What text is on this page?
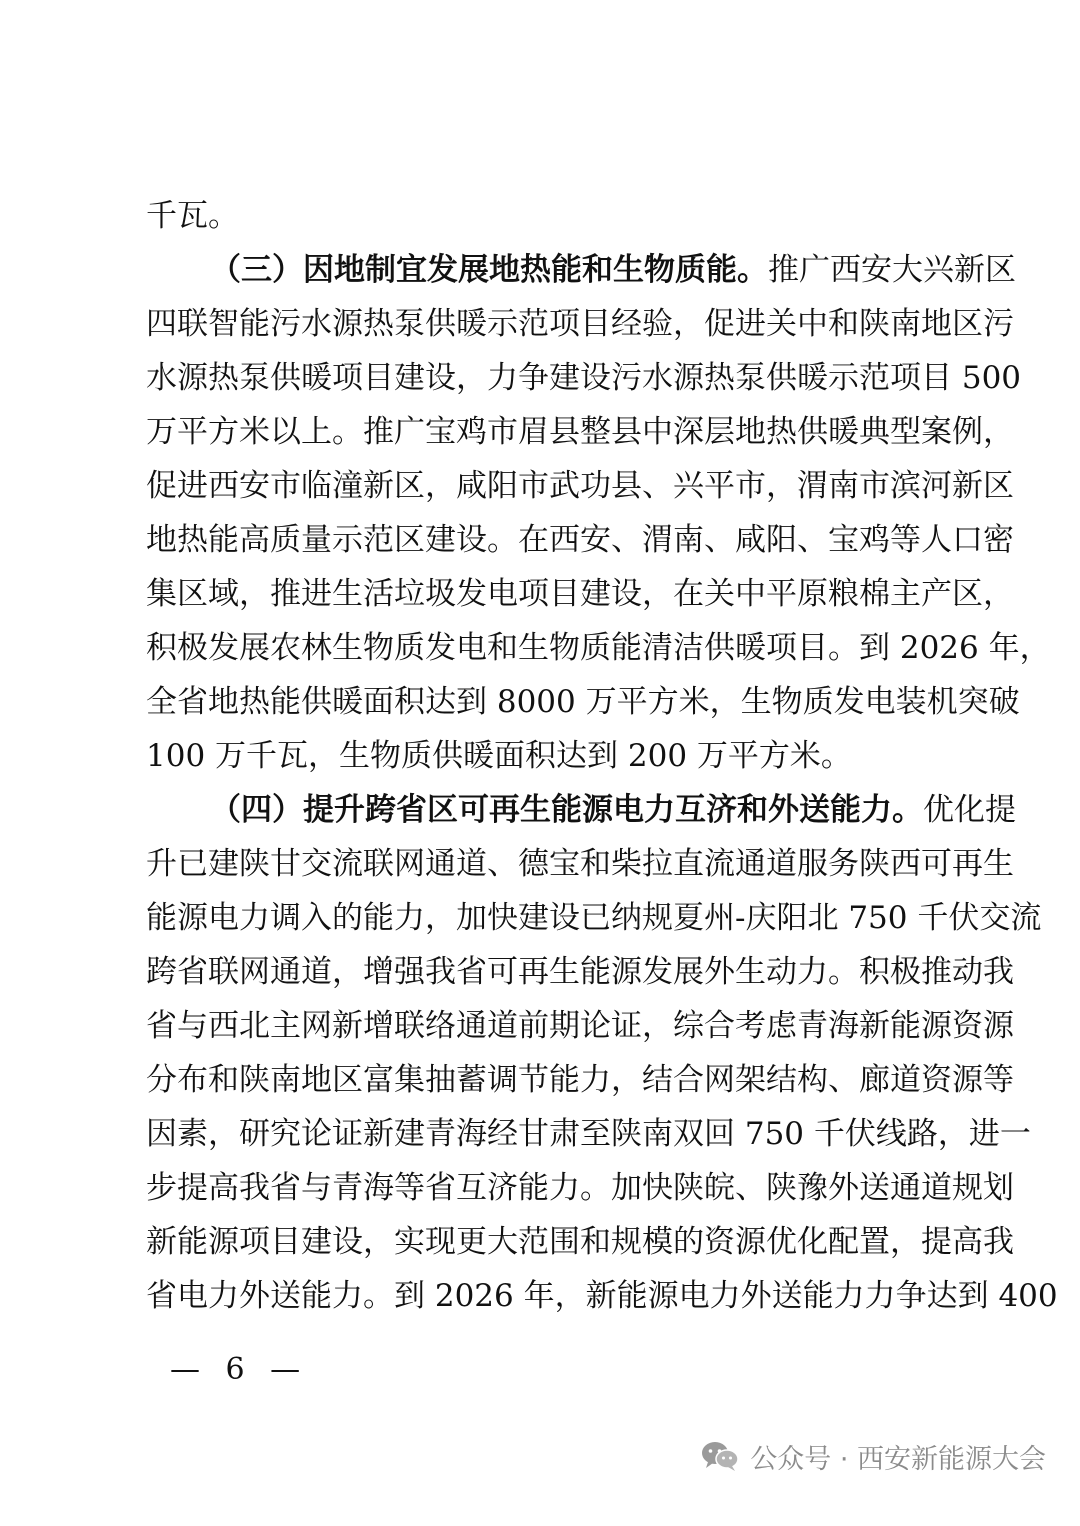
千瓦。
（三）因地制宜发展地热能和生物质能。推广西安大兴新区
四联智能污水源热泵供暖示范项目经验，促进关中和陕南地区污
水源热泵供暖项目建设，力争建设污水源热泵供暖示范项目 500
万平方米以上。推广宝鸡市眉县整县中深层地热供暖典型案例，
促进西安市临潼新区，咸阳市武功县、兴平市，渭南市滨河新区
地热能高质量示范区建设。在西安、渭南、咸阳、宝鸡等人口密
集区域，推进生活垃圾发电项目建设，在关中平原粮棉主产区，
积极发展农林生物质发电和生物质能清洁供暖项目。到 2026 年，
全省地热能供暖面积达到 8000 万平方米，生物质发电装机突破
100 万千瓦，生物质供暖面积达到 200 万平方米。
（四）提升跨省区可再生能源电力互济和外送能力。优化提
升已建陕甘交流联网通道、德宝和柴拉直流通道服务陕西可再生
能源电力调入的能力，加快建设已纳规夏州-庆阳北 750 千伏交流
跨省联网通道，增强我省可再生能源发展外生动力。积极推动我
省与西北主网新增联络通道前期论证，综合考虑青海新能源资源
分布和陕南地区富集抽蓄调节能力，结合网架结构、廊道资源等
因素，研究论证新建青海经甘肃至陕南双回 750 千伏线路，进一
步提高我省与青海等省互济能力。加快陕皖、陕豫外送通道规划
新能源项目建设，实现更大范围和规模的资源优化配置，提高我
省电力外送能力。到 2026 年，新能源电力外送能力力争达到 400
— 6 —
公众号 · 西安新能源大会
